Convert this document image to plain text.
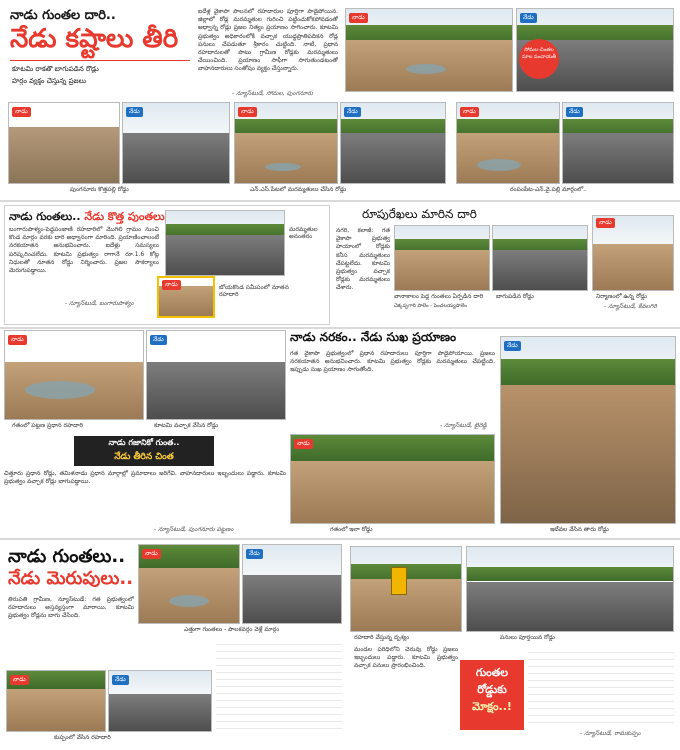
నాడు గుంతల దారి..
నేడు కష్టాలు తీరి
కూటమి రాకతో బాగుపడిన రోడ్లు
హర్షం వ్యక్తం చేస్తున్న ప్రజలు
ఐదేళ్ల వైకాపా పాలనలో రహదారుల పూర్తిగా పాడైపోయిన. జిల్లాలో రోడ్ల మరమ్మతుల గురించి పట్టించుకోకపోవడంతో అధ్వాన్న రోడ్లు ప్రజల నిత్యం ప్రయాణం సాగించారు. కూటమి ప్రభుత్వం అధికారంలోకి వచ్చాక యుద్ధప్రాతిపదికన రోడ్ల పనులు చేపడుతూ శ్రీకారం చుట్టింది. నాటి, ప్రధాన రహదారులతో పాటు గ్రామీణ రోడ్లకు మరమ్మతులు చేయించింది. ప్రయాణం సాఫీగా సాగుతుండటంతో వాహనదారులు సంతోషం వ్యక్తం చేస్తున్నారు.
- న్యూస్‌టుడే, సోమల, పుంగనూరు
నాడు	నేడు
సోమల-చింతల మాల పంచాయతీ
నాడు	నేడు
పుంగనూరు కొత్తపల్లి రోడ్డు
నాడు	నేడు
ఎన్.ఎస్.పేటలో మరమ్మతులు చేసిన రోడ్డు
నాడు	నేడు
రంపంపేట-ఎన్‌.వై.పల్లి మార్గంలో..
నాడు గుంతలు.. నేడు కొత్త పుంతలు
బంగారుపాళ్యం-పెద్దపంజాణి రహదారిలో మొగిలి గ్రామం నుంచి కొండ మార్గం వరకు దారి అధ్వానంగా మారింది. ప్రయాణించాలంటే నరకయాతన అనుభవించారు. ఐదేళ్లు సమస్యలు పరిష్కరించలేదు. కూటమి ప్రభుత్వం రాగానే రూ.1.6 కోట్ల నిధులతో నూతన రోడ్డు నిర్మించారు. ప్రజల సౌకర్యాలు మెరుగుపడ్డాయి.
- న్యూస్‌టుడే, బంగారుపాళ్యం
నాడు	బోయకొండ సమీపంలో నూతన రహదారి
మరమ్మతుల అనంతరం
రూపురేఖలు మారిన దారి
నగరి, కలాజీ: గత వైకాపా ప్రభుత్వ హయాంలో రోడ్లకు కనీస మరమ్మతులు చేపట్టలేదు. కూటమి ప్రభుత్వం వచ్చాక రోడ్లకు మరమ్మతులు చేశారు.
వానాకాలం పెద్ద గుంతలు ఏర్పడిన దారి	బాగుపడిన రోడ్డు
నాడు
నిర్మాణంలో ఉన్న రోడ్డు
చెక్కప్పగారి పాలెం - పెంచలయ్యపాలెం	- న్యూస్‌టుడే, కేవలగిరి
నాడు	నేడు
గతంలో పట్టణ ప్రధాన రహదారి	కూటమి వచ్చాక వేసిన రోడ్డు
నాడు గజానికో గుంత..
నేడు తీరిన చింత
చిత్తూరు ప్రధాన రోడ్లు, తమిళనాడు ప్రధాన మార్గాల్లో ప్రమాదాలు జరిగేవి. వాహనదారులు ఇబ్బందులు పడ్డారు. కూటమి ప్రభుత్వం వచ్చాక రోడ్లు బాగుపడ్డాయి.
- న్యూస్‌టుడే, పుంగనూరు పట్టణం
నాడు నరకం.. నేడు సుఖ ప్రయాణం
గత వైకాపా ప్రభుత్వంలో ప్రధాన రహదారులు పూర్తిగా పాడైపోయాయి. ప్రజలు నరకయాతన అనుభవించారు. కూటమి ప్రభుత్వం రోడ్లకు మరమ్మతులు చేపట్టింది. ఇప్పుడు సుఖ ప్రయాణం సాగుతోంది.
- న్యూస్‌టుడే, బైరెడ్డి
నాడు
గతంలో ఇలా రోడ్డు
నేడు
ఇటీవల వేసిన తారు రోడ్డు
నాడు గుంతలు..
నేడు మెరుపులు..
తిరుపతి గ్రామీణ, న్యూస్‌టుడే: గత ప్రభుత్వంలో రహదారులు అస్తవ్యస్తంగా మారాయి. కూటమి ప్రభుత్వం రోడ్లను బాగు చేసింది.
నాడు	నేడు
ఎత్తుగా గుంతలు - పాలకవర్గం వెళ్లే మార్గం
నాడు	నేడు
కుప్పంలో వేసిన రహదారి
రహదారి వేస్తున్న దృశ్యం	పనులు పూర్తయిన రోడ్డు
మండల పరిధిలోని చెరువు రోడ్డు ప్రజలు ఇబ్బందులు పడ్డారు. కూటమి ప్రభుత్వం వచ్చాక పనులు ప్రారంభించింది.
గుంతల
రోడ్డుకు
మోక్షం..!
- న్యూస్‌టుడే, రామకుప్పం
